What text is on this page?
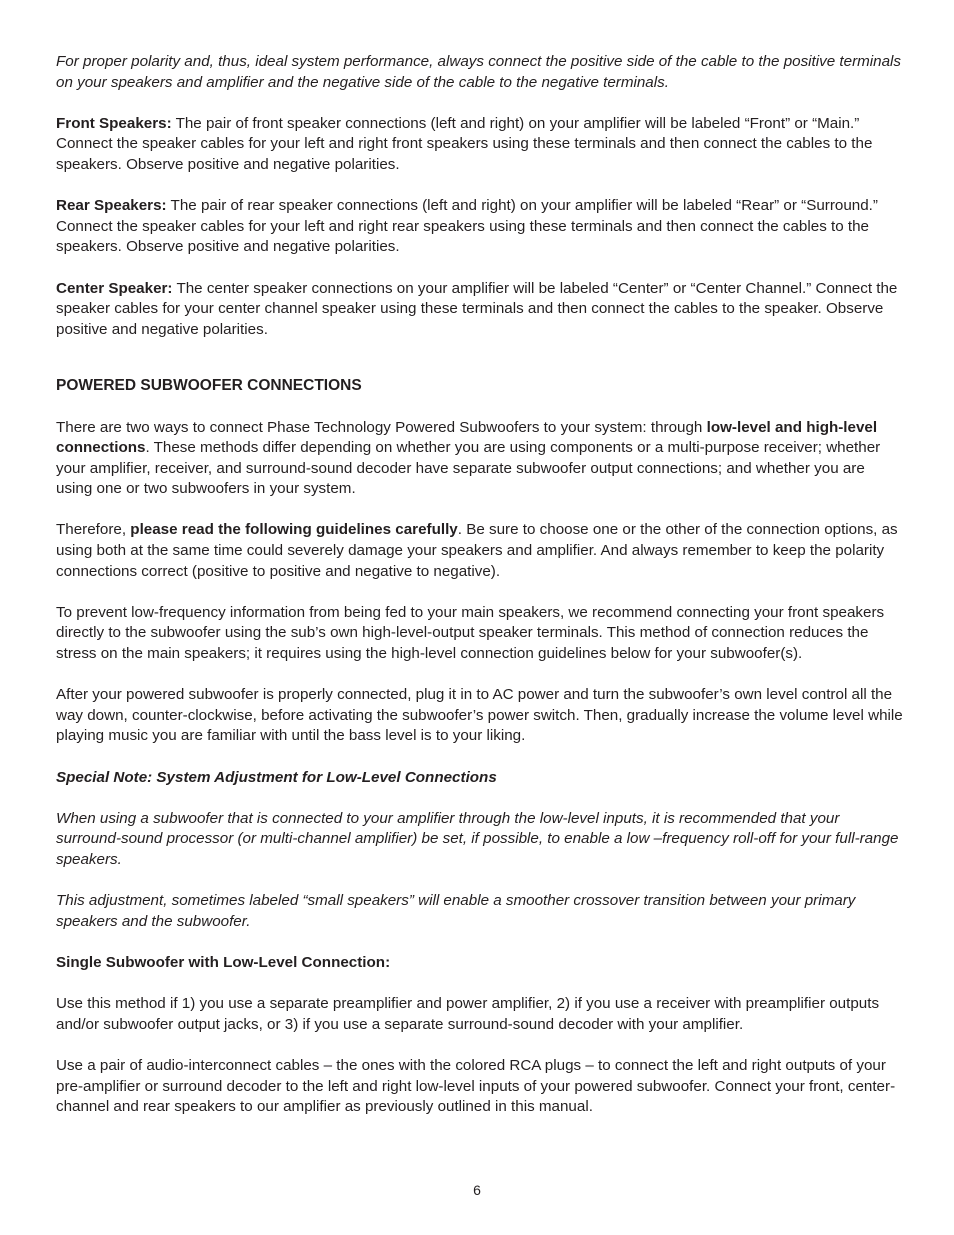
For proper polarity and, thus, ideal system performance, always connect the positive side of the cable to the positive terminals on your speakers and amplifier and the negative side of the cable to the negative terminals.

Front Speakers: The pair of front speaker connections (left and right) on your amplifier will be labeled “Front” or “Main.” Connect the speaker cables for your left and right front speakers using these terminals and then connect the cables to the speakers. Observe positive and negative polarities.

Rear Speakers: The pair of rear speaker connections (left and right) on your amplifier will be labeled “Rear” or “Surround.” Connect the speaker cables for your left and right rear speakers using these terminals and then connect the cables to the speakers. Observe positive and negative polarities.

Center Speaker: The center speaker connections on your amplifier will be labeled “Center” or “Center Channel.” Connect the speaker cables for your center channel speaker using these terminals and then connect the cables to the speaker. Observe positive and negative polarities.

POWERED SUBWOOFER CONNECTIONS

There are two ways to connect Phase Technology Powered Subwoofers to your system: through low-level and high-level connections. These methods differ depending on whether you are using components or a multi-purpose receiver; whether your amplifier, receiver, and surround-sound decoder have separate subwoofer output connections; and whether you are using one or two subwoofers in your system.

Therefore, please read the following guidelines carefully. Be sure to choose one or the other of the connection options, as using both at the same time could severely damage your speakers and amplifier. And always remember to keep the polarity connections correct (positive to positive and negative to negative).

To prevent low-frequency information from being fed to your main speakers, we recommend connecting your front speakers directly to the subwoofer using the sub’s own high-level-output speaker terminals. This method of connection reduces the stress on the main speakers; it requires using the high-level connection guidelines below for your subwoofer(s).

After your powered subwoofer is properly connected, plug it in to AC power and turn the subwoofer’s own level control all the way down, counter-clockwise, before activating the subwoofer’s power switch. Then, gradually increase the volume level while playing music you are familiar with until the bass level is to your liking.

Special Note: System Adjustment for Low-Level Connections

When using a subwoofer that is connected to your amplifier through the low-level inputs, it is recommended that your surround-sound processor (or multi-channel amplifier) be set, if possible, to enable a low –frequency roll-off for your full-range speakers.

This adjustment, sometimes labeled “small speakers” will enable a smoother crossover transition between your primary speakers and the subwoofer.

Single Subwoofer with Low-Level Connection:

Use this method if 1) you use a separate preamplifier and power amplifier, 2) if you use a receiver with preamplifier outputs and/or subwoofer output jacks, or 3) if you use a separate surround-sound decoder with your amplifier.

Use a pair of audio-interconnect cables – the ones with the colored RCA plugs – to connect the left and right outputs of your pre-amplifier or surround decoder to the left and right low-level inputs of your powered subwoofer. Connect your front, center-channel and rear speakers to our amplifier as previously outlined in this manual.

6
